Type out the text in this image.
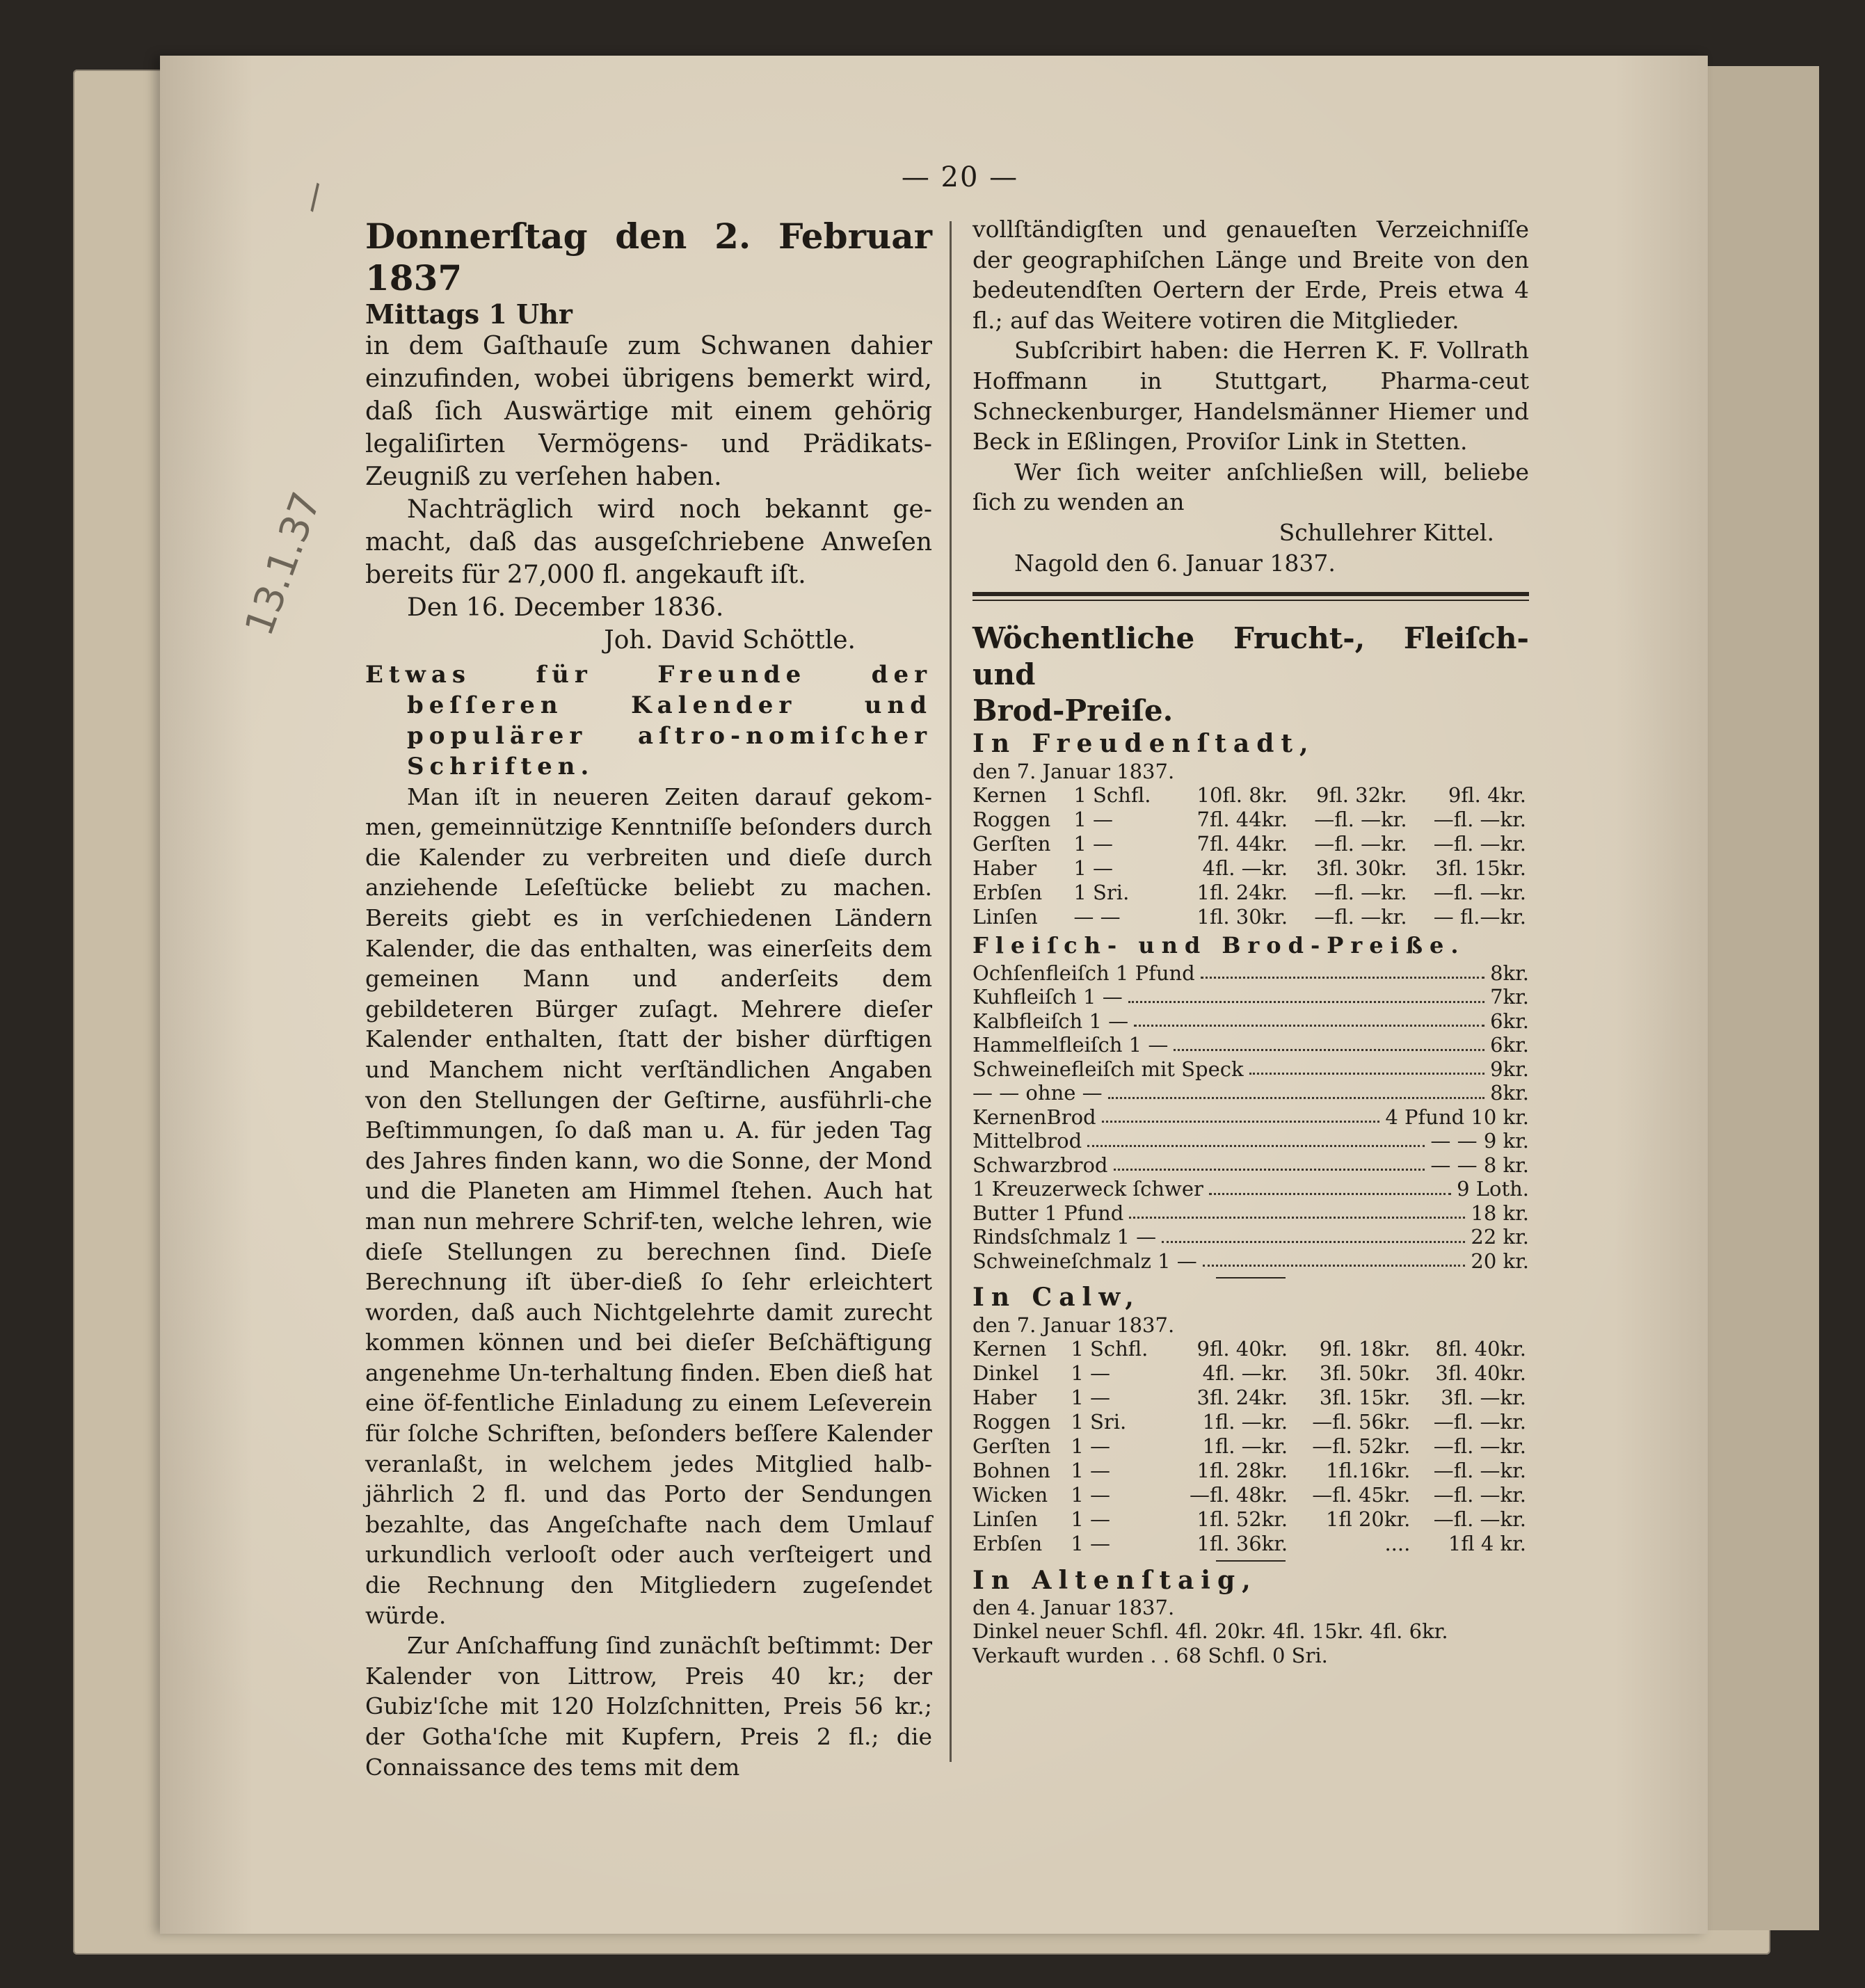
\
13.1.37
— 20 —

Donnerſtag den 2. Februar 1837

Mittags 1 Uhr

in dem Gaſthauſe zum Schwanen dahier einzufinden, wobei übrigens bemerkt wird, daß ſich Auswärtige mit einem gehörig legaliſirten Vermögens- und Prädikats-Zeugniß zu verſehen haben.

Nachträglich wird noch bekannt ge-macht, daß das ausgeſchriebene Anweſen bereits für 27,000 fl. angekauft iſt.

Den 16. December 1836.

Joh. David Schöttle.

Etwas für Freunde der beſſeren Kalender und populärer aſtro-nomiſcher Schriften.

Man iſt in neueren Zeiten darauf gekom-men, gemeinnützige Kenntniſſe beſonders durch die Kalender zu verbreiten und dieſe durch anziehende Leſeſtücke beliebt zu machen. Bereits giebt es in verſchiedenen Ländern Kalender, die das enthalten, was einerſeits dem gemeinen Mann und anderſeits dem gebildeteren Bürger zuſagt. Mehrere dieſer Kalender enthalten, ſtatt der bisher dürftigen und Manchem nicht verſtändlichen Angaben von den Stellungen der Geſtirne, ausführli-che Beſtimmungen, ſo daß man u. A. für jeden Tag des Jahres finden kann, wo die Sonne, der Mond und die Planeten am Himmel ſtehen. Auch hat man nun mehrere Schrif-ten, welche lehren, wie dieſe Stellungen zu berechnen ſind. Dieſe Berechnung iſt über-dieß ſo ſehr erleichtert worden, daß auch Nichtgelehrte damit zurecht kommen können und bei dieſer Beſchäftigung angenehme Un-terhaltung finden. Eben dieß hat eine öf-fentliche Einladung zu einem Leſeverein für ſolche Schriften, beſonders beſſere Kalender veranlaßt, in welchem jedes Mitglied halb-jährlich 2 fl. und das Porto der Sendungen bezahlte, das Angeſchafte nach dem Umlauf urkundlich verlooſt oder auch verſteigert und die Rechnung den Mitgliedern zugeſendet würde.

Zur Anſchaffung ſind zunächſt beſtimmt: Der Kalender von Littrow, Preis 40 kr.; der Gubiz'ſche mit 120 Holzſchnitten, Preis 56 kr.; der Gotha'ſche mit Kupfern, Preis 2 fl.; die Connaissance des tems mit dem

vollſtändigſten und genaueſten Verzeichniſſe der geographiſchen Länge und Breite von den bedeutendſten Oertern der Erde, Preis etwa 4 fl.; auf das Weitere votiren die Mitglieder.

Subſcribirt haben: die Herren K. F. Vollrath Hoffmann in Stuttgart, Pharma-ceut Schneckenburger, Handelsmänner Hiemer und Beck in Eßlingen, Proviſor Link in Stetten.

Wer ſich weiter anſchließen will, beliebe ſich zu wenden an

Schullehrer Kittel.

Nagold den 6. Januar 1837.

Wöchentliche Frucht-, Fleiſch- und

Brod-Preiſe.

In Freudenſtadt,

den 7. Januar 1837.

Kernen	1 Schfl.	10fl. 8kr.	9fl. 32kr.	9fl. 4kr.
Roggen	1 —	7fl. 44kr.	—fl. —kr.	—fl. —kr.
Gerſten	1 —	7fl. 44kr.	—fl. —kr.	—fl. —kr.
Haber	1 —	4fl. —kr.	3fl. 30kr.	3fl. 15kr.
Erbſen	1 Sri.	1fl. 24kr.	—fl. —kr.	—fl. —kr.
Linſen	— —	1fl. 30kr.	—fl. —kr.	— fl.—kr.

Fleiſch- und Brod-Preiße.

Ochſenfleiſch 1 Pfund	8kr.
Kuhfleiſch 1 —	7kr.
Kalbfleiſch 1 —	6kr.
Hammelfleiſch 1 —	6kr.
Schweinefleiſch mit Speck	9kr.
— — ohne —	8kr.
KernenBrod	4 Pfund 10 kr.
Mittelbrod	— — 9 kr.
Schwarzbrod	— — 8 kr.
1 Kreuzerweck ſchwer	9 Loth.
Butter 1 Pfund	18 kr.
Rindsſchmalz 1 —	22 kr.
Schweineſchmalz 1 —	20 kr.

In Calw,

den 7. Januar 1837.

Kernen	1 Schfl.	9fl. 40kr.	9fl. 18kr.	8fl. 40kr.
Dinkel	1 —	4fl. —kr.	3fl. 50kr.	3fl. 40kr.
Haber	1 —	3fl. 24kr.	3fl. 15kr.	3fl. —kr.
Roggen	1 Sri.	1fl. —kr.	—fl. 56kr.	—fl. —kr.
Gerſten	1 —	1fl. —kr.	—fl. 52kr.	—fl. —kr.
Bohnen	1 —	1fl. 28kr.	1fl.16kr.	—fl. —kr.
Wicken	1 —	—fl. 48kr.	—fl. 45kr.	—fl. —kr.
Linſen	1 —	1fl. 52kr.	1fl 20kr.	—fl. —kr.
Erbſen	1 —	1fl. 36kr.	....	1fl 4 kr.

In Altenſtaig,

den 4. Januar 1837.

Dinkel neuer Schfl. 4fl. 20kr. 4fl. 15kr. 4fl. 6kr.

Verkauft wurden . . 68 Schfl. 0 Sri.
